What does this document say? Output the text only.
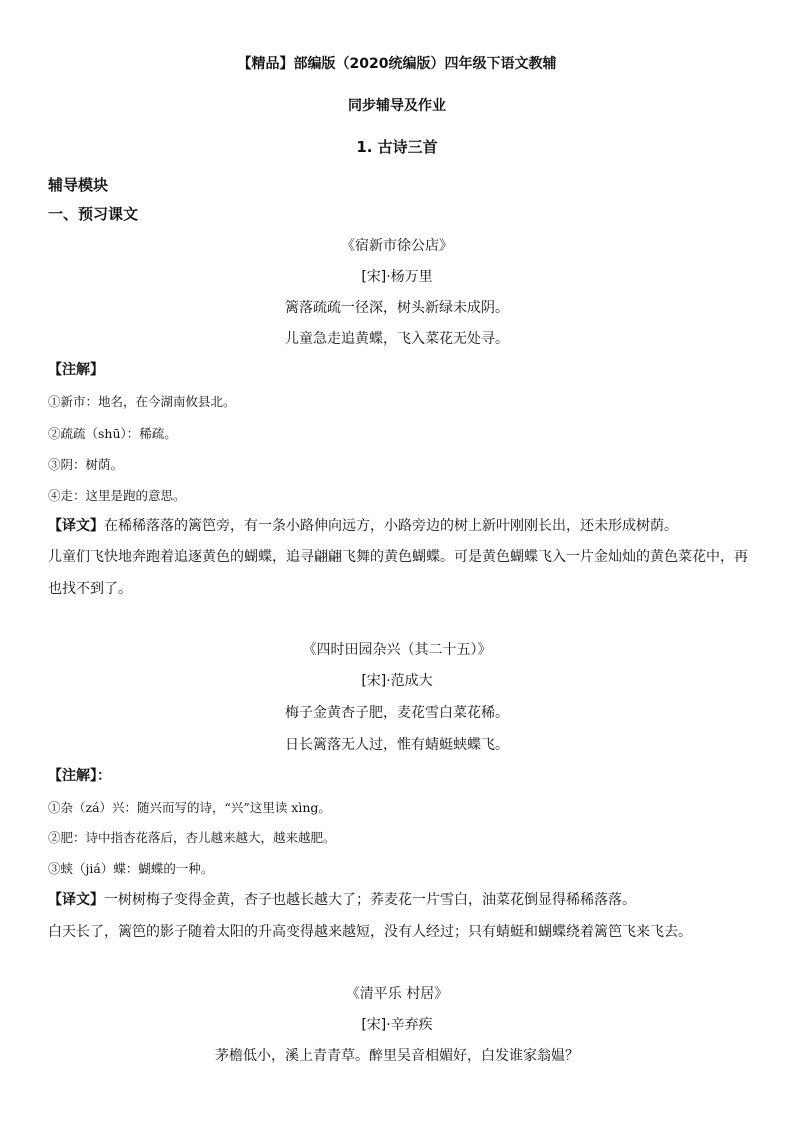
【精品】部编版（2020统编版）四年级下语文教辅
同步辅导及作业
1. 古诗三首
辅导模块
一、预习课文
《宿新市徐公店》
[宋]·杨万里
篱落疏疏一径深，树头新绿未成阴。
儿童急走追黄蝶，飞入菜花无处寻。
【注解】
①新市：地名，在今湖南攸县北。
②疏疏（shū）：稀疏。
③阴：树荫。
④走：这里是跑的意思。
【译文】在稀稀落落的篱笆旁，有一条小路伸向远方，小路旁边的树上新叶刚刚长出，还未形成树荫。
儿童们飞快地奔跑着追逐黄色的蝴蝶，追寻翩翩飞舞的黄色蝴蝶。可是黄色蝴蝶飞入一片金灿灿的黄色菜花中，再也找不到了。
《四时田园杂兴（其二十五）》
[宋]·范成大
梅子金黄杏子肥，麦花雪白菜花稀。
日长篱落无人过，惟有蜻蜓蛱蝶飞。
【注解】：
①杂（zá）兴：随兴而写的诗，“兴”这里读 xìng。
②肥：诗中指杏花落后，杏儿越来越大，越来越肥。
③蛱（jiá）蝶：蝴蝶的一种。
【译文】一树树梅子变得金黄，杏子也越长越大了；荞麦花一片雪白，油菜花倒显得稀稀落落。
白天长了，篱笆的影子随着太阳的升高变得越来越短，没有人经过；只有蜻蜓和蝴蝶绕着篱笆飞来飞去。
《清平乐 村居》
[宋]·辛弃疾
茅檐低小，溪上青青草。醉里吴音相媚好，白发谁家翁媪？
